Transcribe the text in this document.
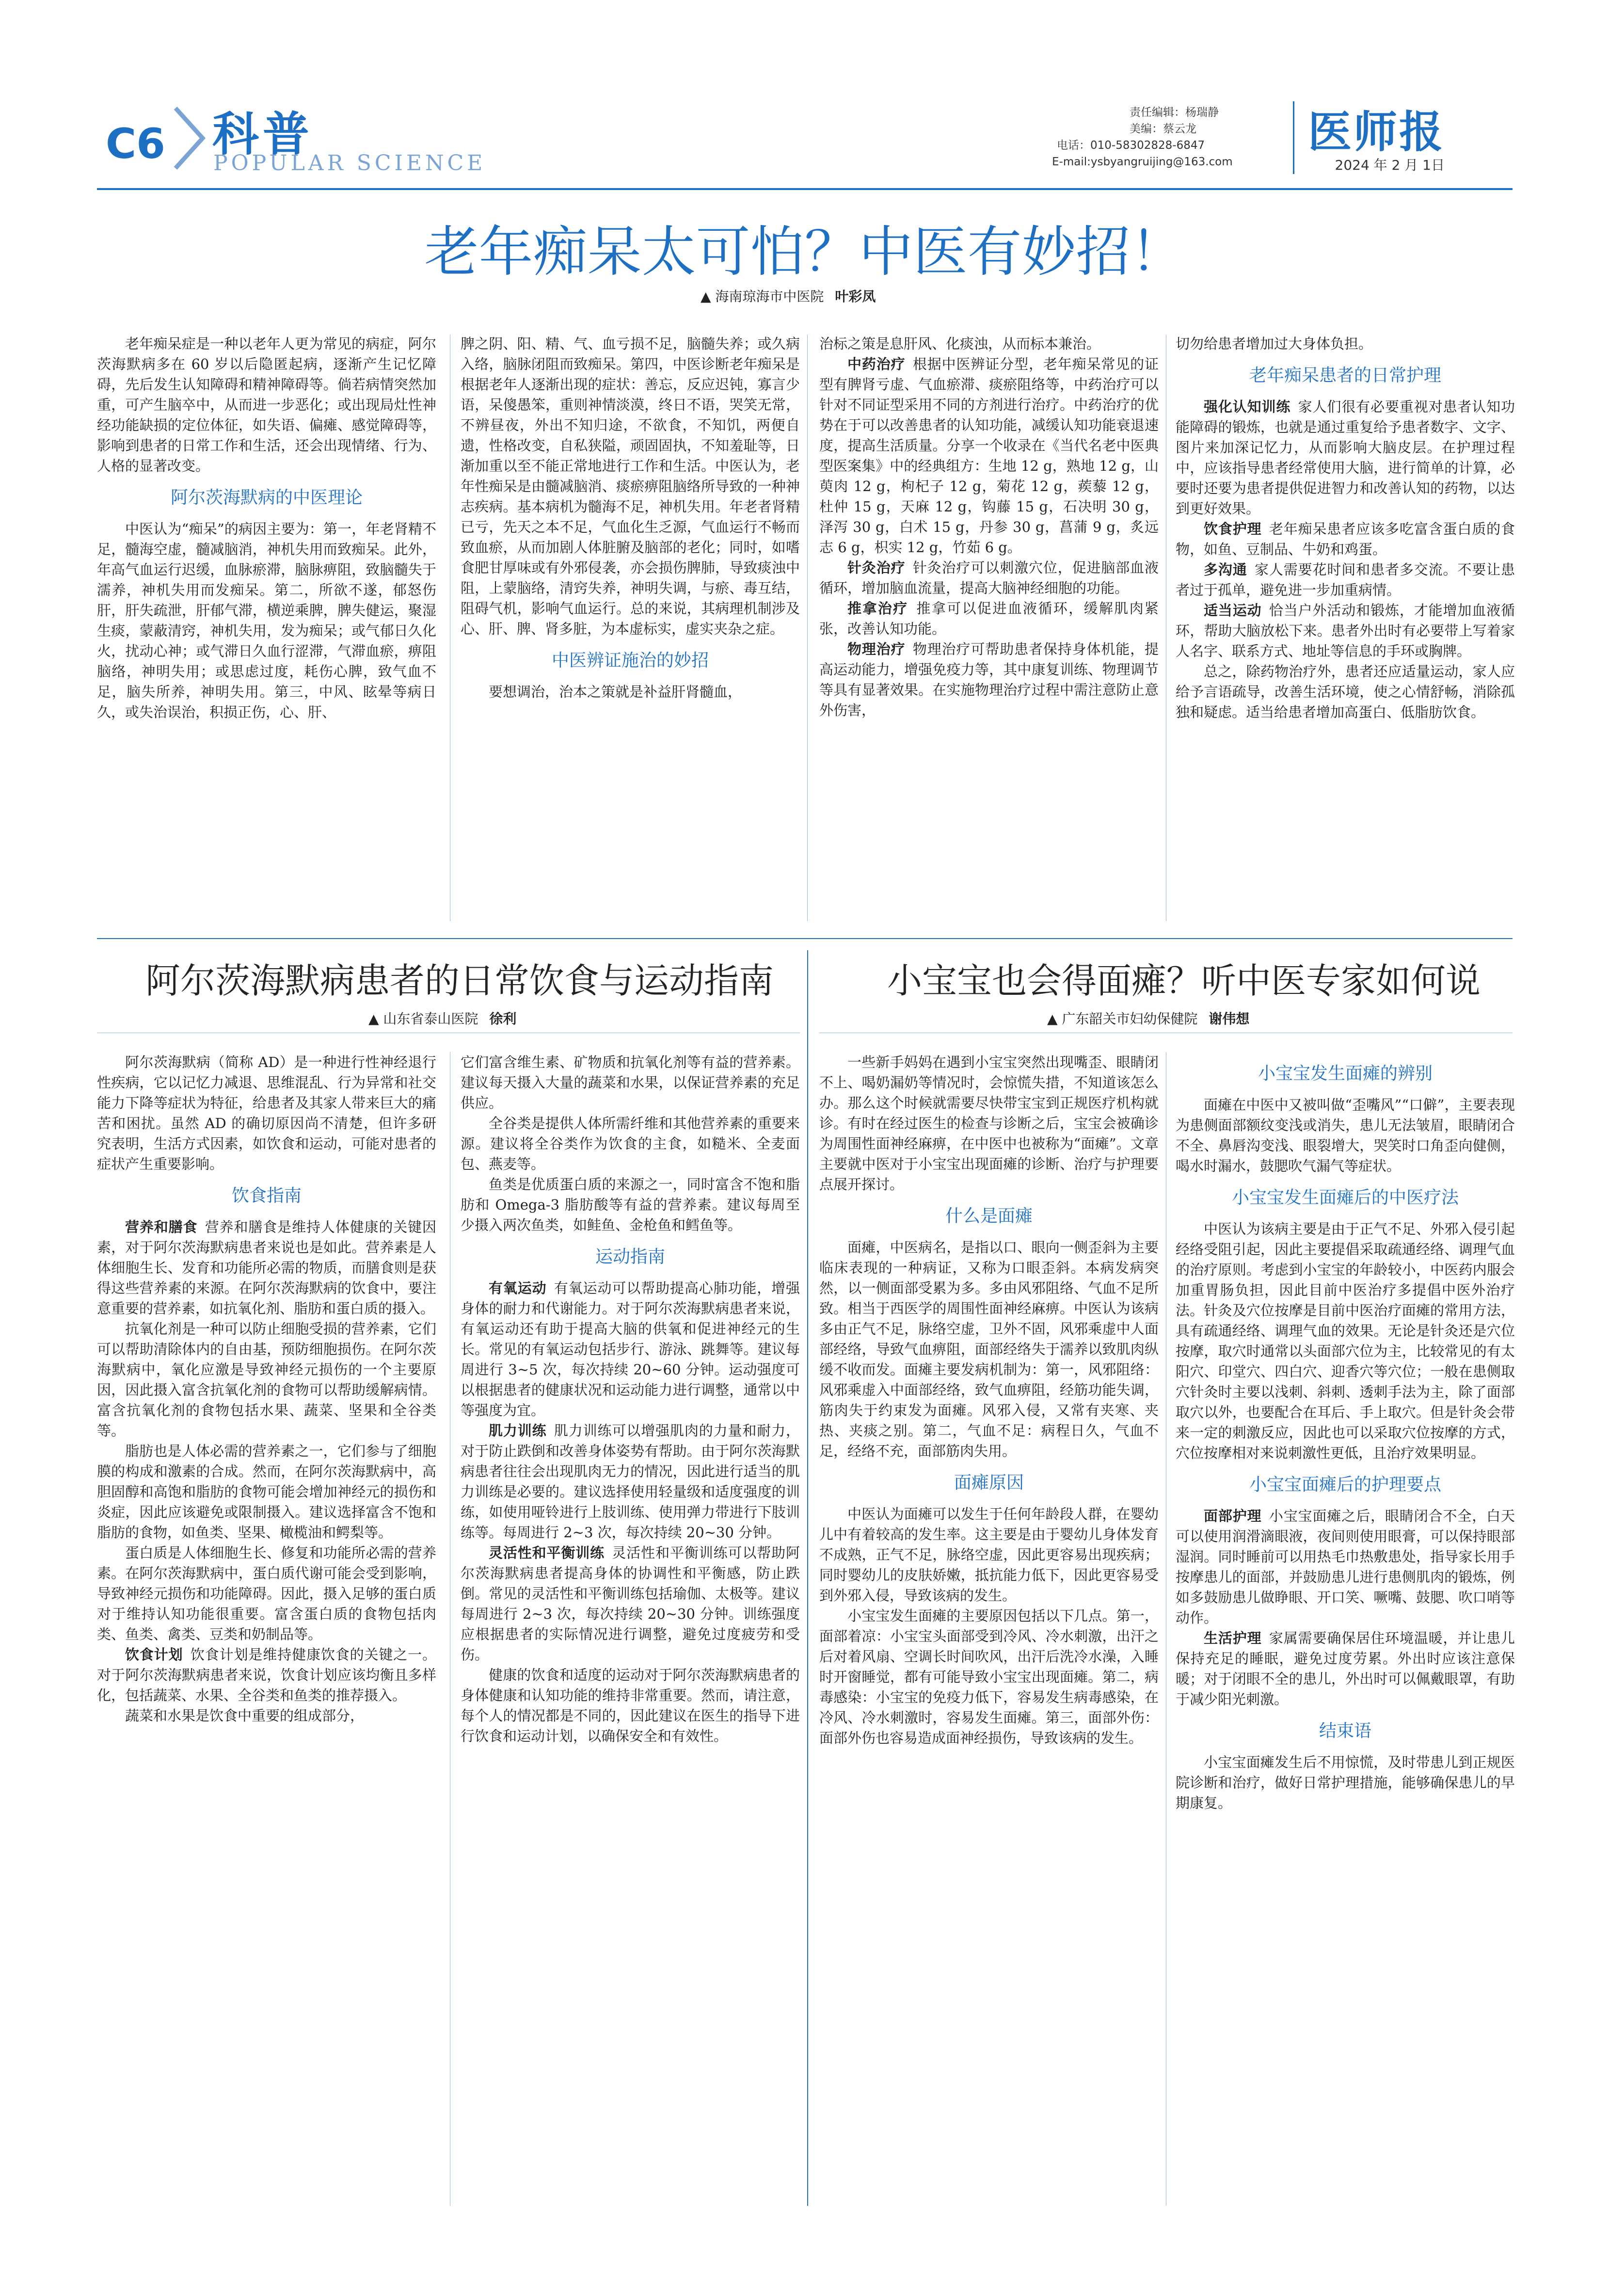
C6 科普
POPULAR SCIENCE
责任编辑：杨瑞静
美编：蔡云龙
电话：010-58302828-6847
E-mail:ysbyangruijing@163.com
医师报
2024 年 2 月 1日
老年痴呆太可怕？中医有妙招！
▲ 海南琼海市中医院 叶彩凤

老年痴呆症是一种以老年人更为常见的病症，阿尔茨海默病多在 60 岁以后隐匿起病，逐渐产生记忆障碍，先后发生认知障碍和精神障碍等。倘若病情突然加重，可产生脑卒中，从而进一步恶化；或出现局灶性神经功能缺损的定位体征，如失语、偏瘫、感觉障碍等，影响到患者的日常工作和生活，还会出现情绪、行为、人格的显著改变。

阿尔茨海默病的中医理论

中医认为“痴呆”的病因主要为：第一，年老肾精不足，髓海空虚，髓减脑消，神机失用而致痴呆。此外，年高气血运行迟缓，血脉瘀滞，脑脉痹阻，致脑髓失于濡养，神机失用而发痴呆。第二，所欲不遂，郁怒伤肝，肝失疏泄，肝郁气滞，横逆乘脾，脾失健运，聚湿生痰，蒙蔽清窍，神机失用，发为痴呆；或气郁日久化火，扰动心神；或气滞日久血行涩滞，气滞血瘀，痹阻脑络，神明失用；或思虑过度，耗伤心脾，致气血不足，脑失所养，神明失用。第三，中风、眩晕等病日久，或失治误治，积损正伤，心、肝、

脾之阴、阳、精、气、血亏损不足，脑髓失养；或久病入络，脑脉闭阻而致痴呆。第四，中医诊断老年痴呆是根据老年人逐渐出现的症状：善忘，反应迟钝，寡言少语，呆傻愚笨，重则神情淡漠，终日不语，哭笑无常，不辨昼夜，外出不知归途，不欲食，不知饥，两便自遗，性格改变，自私狭隘，顽固固执，不知羞耻等，日渐加重以至不能正常地进行工作和生活。中医认为，老年性痴呆是由髓减脑消、痰瘀痹阻脑络所导致的一种神志疾病。基本病机为髓海不足，神机失用。年老者肾精已亏，先天之本不足，气血化生乏源，气血运行不畅而致血瘀，从而加剧人体脏腑及脑部的老化；同时，如嗜食肥甘厚味或有外邪侵袭，亦会损伤脾肺，导致痰浊中阻，上蒙脑络，清窍失养，神明失调，与瘀、毒互结，阻碍气机，影响气血运行。总的来说，其病理机制涉及心、肝、脾、肾多脏，为本虚标实，虚实夹杂之症。

中医辨证施治的妙招

要想调治，治本之策就是补益肝肾髓血，

治标之策是息肝风、化痰浊，从而标本兼治。

中药治疗  根据中医辨证分型，老年痴呆常见的证型有脾肾亏虚、气血瘀滞、痰瘀阻络等，中药治疗可以针对不同证型采用不同的方剂进行治疗。中药治疗的优势在于可以改善患者的认知功能，减缓认知功能衰退速度，提高生活质量。分享一个收录在《当代名老中医典型医案集》中的经典组方：生地 12 g，熟地 12 g，山萸肉 12 g，枸杞子 12 g，菊花 12 g，蒺藜 12 g，杜仲 15 g，天麻 12 g，钩藤 15 g，石决明 30 g，泽泻 30 g，白术 15 g，丹参 30 g，菖蒲 9 g，炙远志 6 g，枳实 12 g，竹茹 6 g。

针灸治疗  针灸治疗可以刺激穴位，促进脑部血液循环，增加脑血流量，提高大脑神经细胞的功能。

推拿治疗  推拿可以促进血液循环，缓解肌肉紧张，改善认知功能。

物理治疗  物理治疗可帮助患者保持身体机能，提高运动能力，增强免疫力等，其中康复训练、物理调节等具有显著效果。在实施物理治疗过程中需注意防止意外伤害，

切勿给患者增加过大身体负担。

老年痴呆患者的日常护理

强化认知训练  家人们很有必要重视对患者认知功能障碍的锻炼，也就是通过重复给予患者数字、文字、图片来加深记忆力，从而影响大脑皮层。在护理过程中，应该指导患者经常使用大脑，进行简单的计算，必要时还要为患者提供促进智力和改善认知的药物，以达到更好效果。

饮食护理  老年痴呆患者应该多吃富含蛋白质的食物，如鱼、豆制品、牛奶和鸡蛋。

多沟通  家人需要花时间和患者多交流。不要让患者过于孤单，避免进一步加重病情。

适当运动  恰当户外活动和锻炼，才能增加血液循环，帮助大脑放松下来。患者外出时有必要带上写着家人名字、联系方式、地址等信息的手环或胸牌。

总之，除药物治疗外，患者还应适量运动，家人应给予言语疏导，改善生活环境，使之心情舒畅，消除孤独和疑虑。适当给患者增加高蛋白、低脂肪饮食。

阿尔茨海默病患者的日常饮食与运动指南
▲ 山东省泰山医院 徐利

阿尔茨海默病（简称 AD）是一种进行性神经退行性疾病，它以记忆力减退、思维混乱、行为异常和社交能力下降等症状为特征，给患者及其家人带来巨大的痛苦和困扰。虽然 AD 的确切原因尚不清楚，但许多研究表明，生活方式因素，如饮食和运动，可能对患者的症状产生重要影响。

饮食指南

营养和膳食  营养和膳食是维持人体健康的关键因素，对于阿尔茨海默病患者来说也是如此。营养素是人体细胞生长、发育和功能所必需的物质，而膳食则是获得这些营养素的来源。在阿尔茨海默病的饮食中，要注意重要的营养素，如抗氧化剂、脂肪和蛋白质的摄入。

抗氧化剂是一种可以防止细胞受损的营养素，它们可以帮助清除体内的自由基，预防细胞损伤。在阿尔茨海默病中，氧化应激是导致神经元损伤的一个主要原因，因此摄入富含抗氧化剂的食物可以帮助缓解病情。富含抗氧化剂的食物包括水果、蔬菜、坚果和全谷类等。

脂肪也是人体必需的营养素之一，它们参与了细胞膜的构成和激素的合成。然而，在阿尔茨海默病中，高胆固醇和高饱和脂肪的食物可能会增加神经元的损伤和炎症，因此应该避免或限制摄入。建议选择富含不饱和脂肪的食物，如鱼类、坚果、橄榄油和鳄梨等。

蛋白质是人体细胞生长、修复和功能所必需的营养素。在阿尔茨海默病中，蛋白质代谢可能会受到影响，导致神经元损伤和功能障碍。因此，摄入足够的蛋白质对于维持认知功能很重要。富含蛋白质的食物包括肉类、鱼类、禽类、豆类和奶制品等。

饮食计划  饮食计划是维持健康饮食的关键之一。对于阿尔茨海默病患者来说，饮食计划应该均衡且多样化，包括蔬菜、水果、全谷类和鱼类的推荐摄入。

蔬菜和水果是饮食中重要的组成部分，

它们富含维生素、矿物质和抗氧化剂等有益的营养素。建议每天摄入大量的蔬菜和水果，以保证营养素的充足供应。

全谷类是提供人体所需纤维和其他营养素的重要来源。建议将全谷类作为饮食的主食，如糙米、全麦面包、燕麦等。

鱼类是优质蛋白质的来源之一，同时富含不饱和脂肪和 Omega-3 脂肪酸等有益的营养素。建议每周至少摄入两次鱼类，如鲑鱼、金枪鱼和鳕鱼等。

运动指南

有氧运动  有氧运动可以帮助提高心肺功能，增强身体的耐力和代谢能力。对于阿尔茨海默病患者来说，有氧运动还有助于提高大脑的供氧和促进神经元的生长。常见的有氧运动包括步行、游泳、跳舞等。建议每周进行 3~5 次，每次持续 20~60 分钟。运动强度可以根据患者的健康状况和运动能力进行调整，通常以中等强度为宜。

肌力训练  肌力训练可以增强肌肉的力量和耐力，对于防止跌倒和改善身体姿势有帮助。由于阿尔茨海默病患者往往会出现肌肉无力的情况，因此进行适当的肌力训练是必要的。建议选择使用轻量级和适度强度的训练，如使用哑铃进行上肢训练、使用弹力带进行下肢训练等。每周进行 2~3 次，每次持续 20~30 分钟。

灵活性和平衡训练  灵活性和平衡训练可以帮助阿尔茨海默病患者提高身体的协调性和平衡感，防止跌倒。常见的灵活性和平衡训练包括瑜伽、太极等。建议每周进行 2~3 次，每次持续 20~30 分钟。训练强度应根据患者的实际情况进行调整，避免过度疲劳和受伤。

健康的饮食和适度的运动对于阿尔茨海默病患者的身体健康和认知功能的维持非常重要。然而，请注意，每个人的情况都是不同的，因此建议在医生的指导下进行饮食和运动计划，以确保安全和有效性。

小宝宝也会得面瘫？听中医专家如何说
▲ 广东韶关市妇幼保健院 谢伟想

一些新手妈妈在遇到小宝宝突然出现嘴歪、眼睛闭不上、喝奶漏奶等情况时，会惊慌失措，不知道该怎么办。那么这个时候就需要尽快带宝宝到正规医疗机构就诊。有时在经过医生的检查与诊断之后，宝宝会被确诊为周围性面神经麻痹，在中医中也被称为“面瘫”。文章主要就中医对于小宝宝出现面瘫的诊断、治疗与护理要点展开探讨。

什么是面瘫

面瘫，中医病名，是指以口、眼向一侧歪斜为主要临床表现的一种病证，又称为口眼歪斜。本病发病突然，以一侧面部受累为多。多由风邪阻络、气血不足所致。相当于西医学的周围性面神经麻痹。中医认为该病多由正气不足，脉络空虚，卫外不固，风邪乘虚中人面部经络，导致气血痹阻，面部经络失于濡养以致肌肉纵缓不收而发。面瘫主要发病机制为：第一，风邪阻络：风邪乘虚入中面部经络，致气血痹阻，经筋功能失调，筋肉失于约束发为面瘫。风邪入侵，又常有夹寒、夹热、夹痰之别。第二，气血不足：病程日久，气血不足，经络不充，面部筋肉失用。

面瘫原因

中医认为面瘫可以发生于任何年龄段人群，在婴幼儿中有着较高的发生率。这主要是由于婴幼儿身体发育不成熟，正气不足，脉络空虚，因此更容易出现疾病；同时婴幼儿的皮肤娇嫩，抵抗能力低下，因此更容易受到外邪入侵，导致该病的发生。

小宝宝发生面瘫的主要原因包括以下几点。第一，面部着凉：小宝宝头面部受到冷风、冷水刺激，出汗之后对着风扇、空调长时间吹风，出汗后洗冷水澡，入睡时开窗睡觉，都有可能导致小宝宝出现面瘫。第二，病毒感染：小宝宝的免疫力低下，容易发生病毒感染，在冷风、冷水刺激时，容易发生面瘫。第三，面部外伤：面部外伤也容易造成面神经损伤，导致该病的发生。

小宝宝发生面瘫的辨别

面瘫在中医中又被叫做“歪嘴风”“口僻”，主要表现为患侧面部额纹变浅或消失，患儿无法皱眉，眼睛闭合不全、鼻唇沟变浅、眼裂增大，哭笑时口角歪向健侧，喝水时漏水，鼓腮吹气漏气等症状。

小宝宝发生面瘫后的中医疗法

中医认为该病主要是由于正气不足、外邪入侵引起经络受阻引起，因此主要提倡采取疏通经络、调理气血的治疗原则。考虑到小宝宝的年龄较小，中医药内服会加重胃肠负担，因此目前中医治疗多提倡中医外治疗法。针灸及穴位按摩是目前中医治疗面瘫的常用方法，具有疏通经络、调理气血的效果。无论是针灸还是穴位按摩，取穴时通常以头面部穴位为主，比较常见的有太阳穴、印堂穴、四白穴、迎香穴等穴位；一般在患侧取穴针灸时主要以浅刺、斜刺、透刺手法为主，除了面部取穴以外，也要配合在耳后、手上取穴。但是针灸会带来一定的刺激反应，因此也可以采取穴位按摩的方式，穴位按摩相对来说刺激性更低，且治疗效果明显。

小宝宝面瘫后的护理要点

面部护理  小宝宝面瘫之后，眼睛闭合不全，白天可以使用润滑滴眼液，夜间则使用眼膏，可以保持眼部湿润。同时睡前可以用热毛巾热敷患处，指导家长用手按摩患儿的面部，并鼓励患儿进行患侧肌肉的锻炼，例如多鼓励患儿做睁眼、开口笑、噘嘴、鼓腮、吹口哨等动作。

生活护理  家属需要确保居住环境温暖，并让患儿保持充足的睡眠，避免过度劳累。外出时应该注意保暖；对于闭眼不全的患儿，外出时可以佩戴眼罩，有助于减少阳光刺激。

结束语

小宝宝面瘫发生后不用惊慌，及时带患儿到正规医院诊断和治疗，做好日常护理措施，能够确保患儿的早期康复。
